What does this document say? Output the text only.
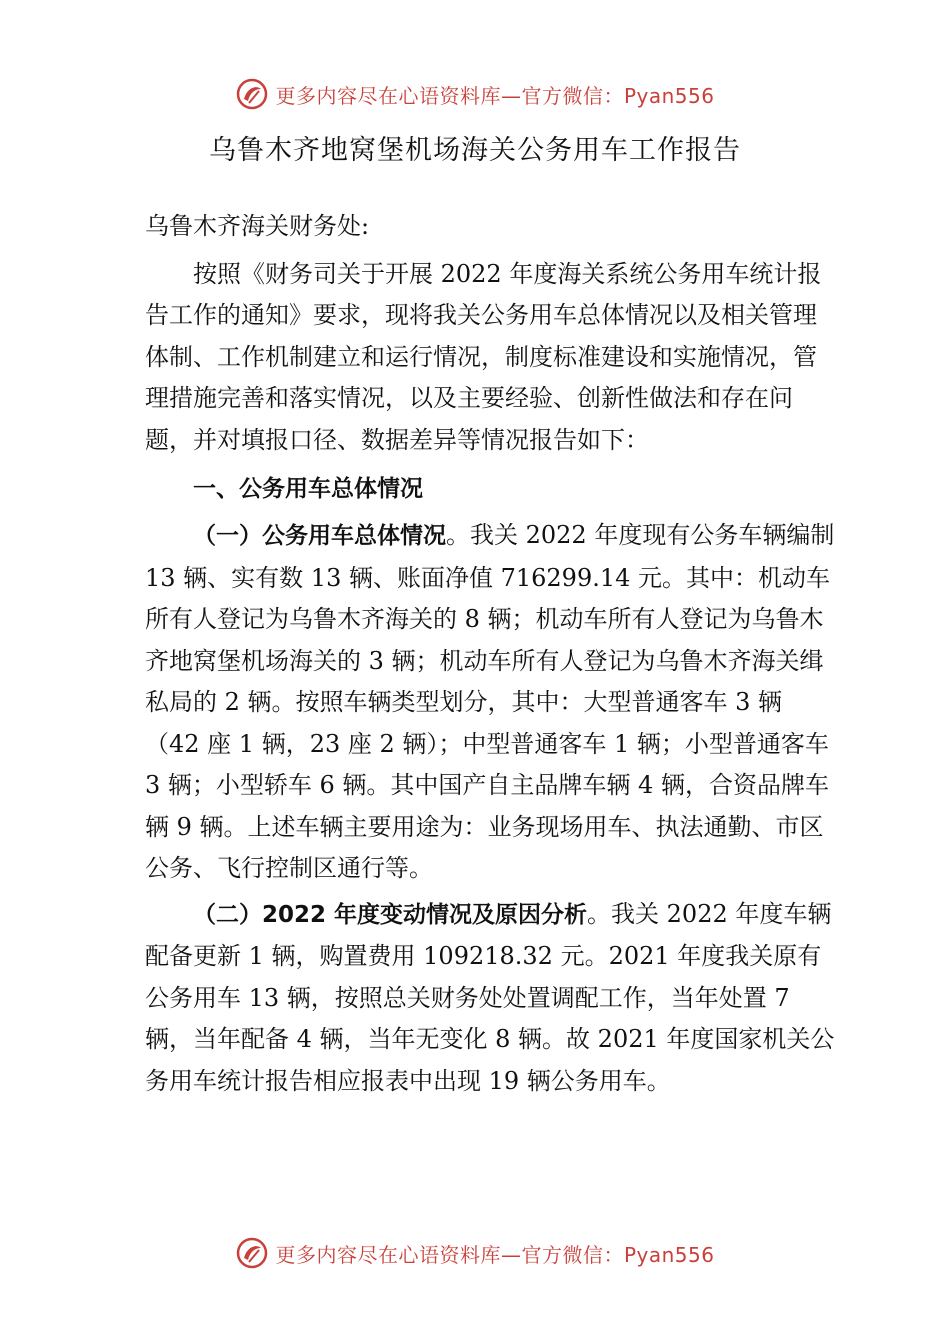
更多内容尽在心语资料库—官方微信：Pyan556
乌鲁木齐地窝堡机场海关公务用车工作报告

乌鲁木齐海关财务处:

按照《财务司关于开展 2022 年度海关系统公务用车统计报告工作的通知》要求，现将我关公务用车总体情况以及相关管理体制、工作机制建立和运行情况，制度标准建设和实施情况，管理措施完善和落实情况，以及主要经验、创新性做法和存在问题，并对填报口径、数据差异等情况报告如下：

一、公务用车总体情况

（一）公务用车总体情况。我关 2022 年度现有公务车辆编制 13 辆、实有数 13 辆、账面净值 716299.14 元。其中：机动车所有人登记为乌鲁木齐海关的 8 辆；机动车所有人登记为乌鲁木齐地窝堡机场海关的 3 辆；机动车所有人登记为乌鲁木齐海关缉私局的 2 辆。按照车辆类型划分，其中：大型普通客车 3 辆（42 座 1 辆，23 座 2 辆）；中型普通客车 1 辆；小型普通客车 3 辆；小型轿车 6 辆。其中国产自主品牌车辆 4 辆，合资品牌车辆 9 辆。上述车辆主要用途为：业务现场用车、执法通勤、市区公务、飞行控制区通行等。

（二）2022 年度变动情况及原因分析。我关 2022 年度车辆配备更新 1 辆，购置费用 109218.32 元。2021 年度我关原有公务用车 13 辆，按照总关财务处处置调配工作，当年处置 7 辆，当年配备 4 辆，当年无变化 8 辆。故 2021 年度国家机关公务用车统计报告相应报表中出现 19 辆公务用车。

更多内容尽在心语资料库—官方微信：Pyan556
